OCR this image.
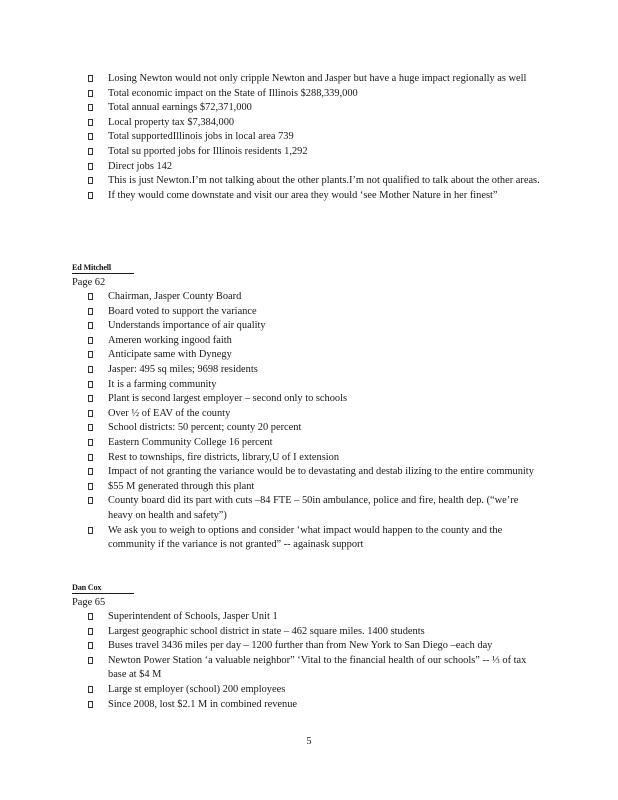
Losing Newton would not only cripple Newton and Jasper but have a huge impact regionally as well
Total economic impact on the State of Illinois $288,339,000
Total annual earnings $72,371,000
Local property tax $7,384,000
Total supportedIllinois jobs in local area 739
Total su pported jobs for Illinois residents 1,292
Direct jobs 142
This is just Newton.I’m not talking about the other plants.I’m not qualified to talk about the other areas.
If they would come downstate and visit our area they would ‘see Mother Nature in her finest”
Ed Mitchell
Page 62
Chairman, Jasper County Board
Board voted to support the variance
Understands importance of air quality
Ameren working ingood faith
Anticipate same with Dynegy
Jasper: 495 sq miles; 9698 residents
It is a farming community
Plant is second largest employer – second only to schools
Over ½ of EAV of the county
School districts: 50 percent; county 20 percent
Eastern Community College 16 percent
Rest to townships, fire districts, library,U of I extension
Impact of not granting the variance would be to devastating and destab ilizing to the entire community
$55 M generated through this plant
County board did its part with cuts –84 FTE – 50in ambulance, police and fire, health dep. (“we’re heavy on health and safety”)
We ask you to weigh to options and consider ‘what impact would happen to the county and the community if the variance is not granted” -- againask support
Dan Cox
Page 65
Superintendent of Schools, Jasper Unit 1
Largest geographic school district in state – 462 square miles. 1400 students
Buses travel 3436 miles per day – 1200 further than from New York to San Diego –each day
Newton Power Station ‘a valuable neighbor” ‘Vital to the financial health of our schools” -- ⅓ of tax base at $4 M
Large st employer (school) 200 employees
Since 2008, lost $2.1 M in combined revenue
5
